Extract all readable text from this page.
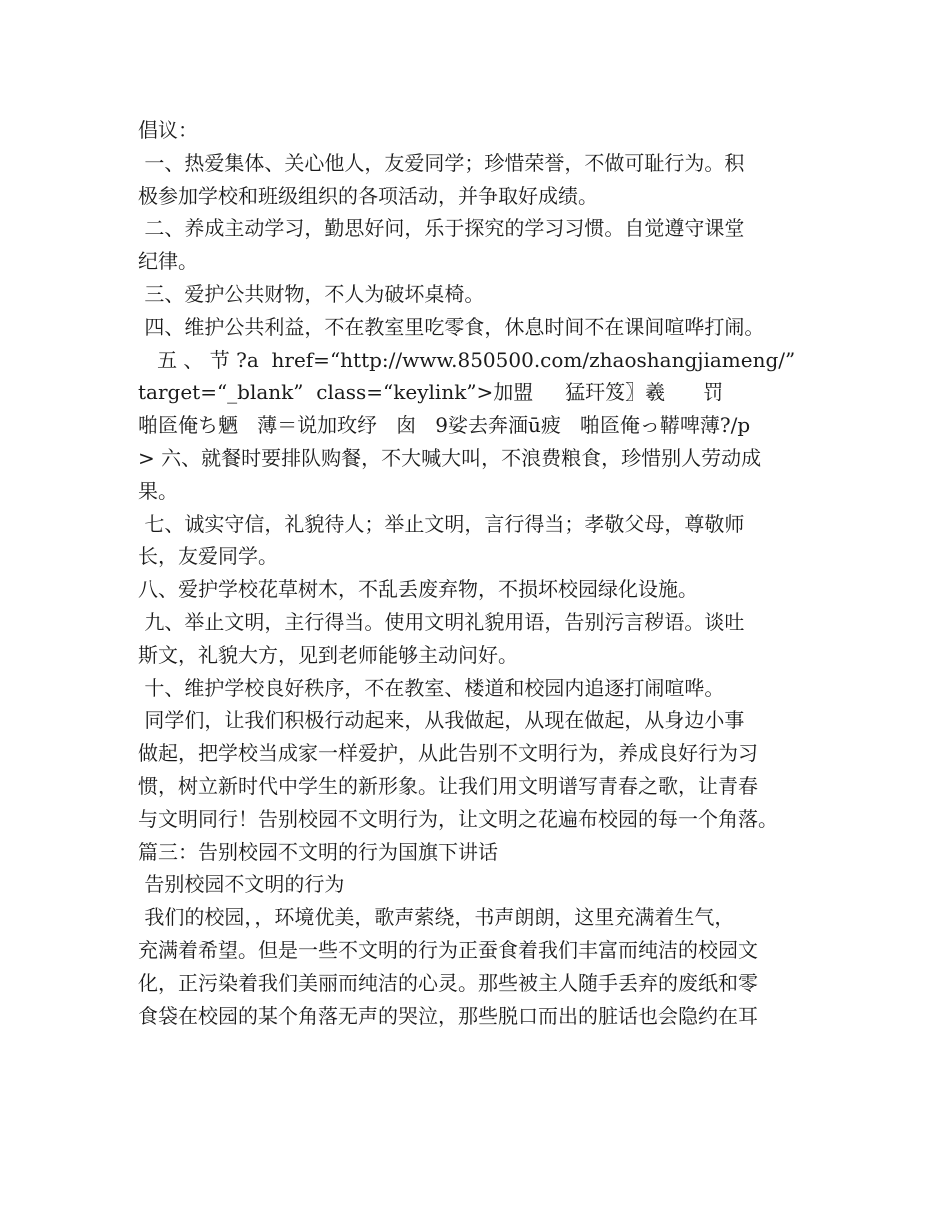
倡议：
一、热爱集体、关心他人，友爱同学；珍惜荣誉，不做可耻行为。积
极参加学校和班级组织的各项活动，并争取好成绩。
二、养成主动学习，勤思好问，乐于探究的学习习惯。自觉遵守课堂
纪律。
三、爱护公共财物，不人为破坏桌椅。
四、维护公共利益，不在教室里吃零食，休息时间不在课间喧哗打闹。
五 、 节 ?a  href=“http://www.850500.com/zhaoshangjiameng/”
target=“_blank”  class=“keylink”>加盟     猛玕笈〗羲      罚
啪匼俺ち魉   薄＝说加玫纾   囱   9娑去奔湎ū疲   啪匼俺っ鞯啤薄?/p
> 六、就餐时要排队购餐，不大喊大叫，不浪费粮食，珍惜别人劳动成
果。
七、诚实守信，礼貌待人；举止文明，言行得当；孝敬父母，尊敬师
长，友爱同学。
八、爱护学校花草树木，不乱丢废弃物，不损坏校园绿化设施。
九、举止文明，主行得当。使用文明礼貌用语，告别污言秽语。谈吐
斯文，礼貌大方，见到老师能够主动问好。
十、维护学校良好秩序，不在教室、楼道和校园内追逐打闹喧哗。
同学们，让我们积极行动起来，从我做起，从现在做起，从身边小事
做起，把学校当成家一样爱护，从此告别不文明行为，养成良好行为习
惯，树立新时代中学生的新形象。让我们用文明谱写青春之歌，让青春
与文明同行！告别校园不文明行为，让文明之花遍布校园的每一个角落。
篇三：告别校园不文明的行为国旗下讲话
告别校园不文明的行为
我们的校园，，环境优美，歌声萦绕，书声朗朗，这里充满着生气，
充满着希望。但是一些不文明的行为正蚕食着我们丰富而纯洁的校园文
化，正污染着我们美丽而纯洁的心灵。那些被主人随手丢弃的废纸和零
食袋在校园的某个角落无声的哭泣，那些脱口而出的脏话也会隐约在耳
